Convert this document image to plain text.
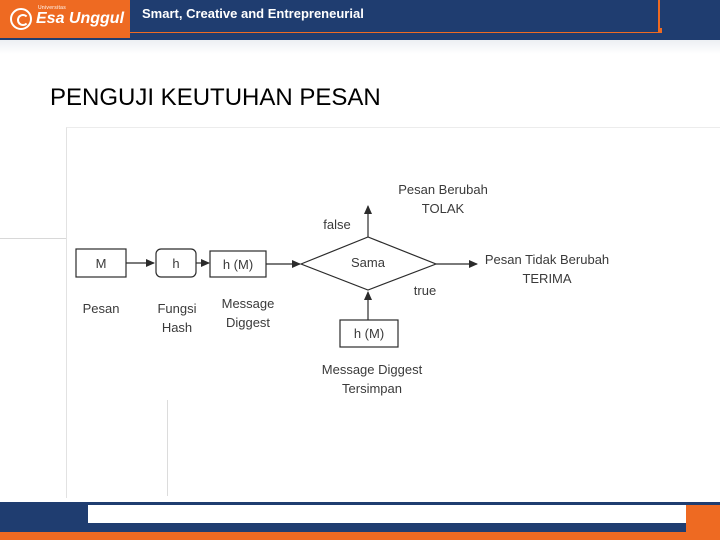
Universitas
Esa Unggul Smart, Creative and Entrepreneurial
PENGUJI KEUTUHAN PESAN
M	h	h (M)	Sama
false
Pesan Berubah
TOLAK
Pesan Tidak Berubah
TERIMA
true
h (M)
Pesan	Fungsi
Hash
Message
Diggest
Message Diggest
Tersimpan
